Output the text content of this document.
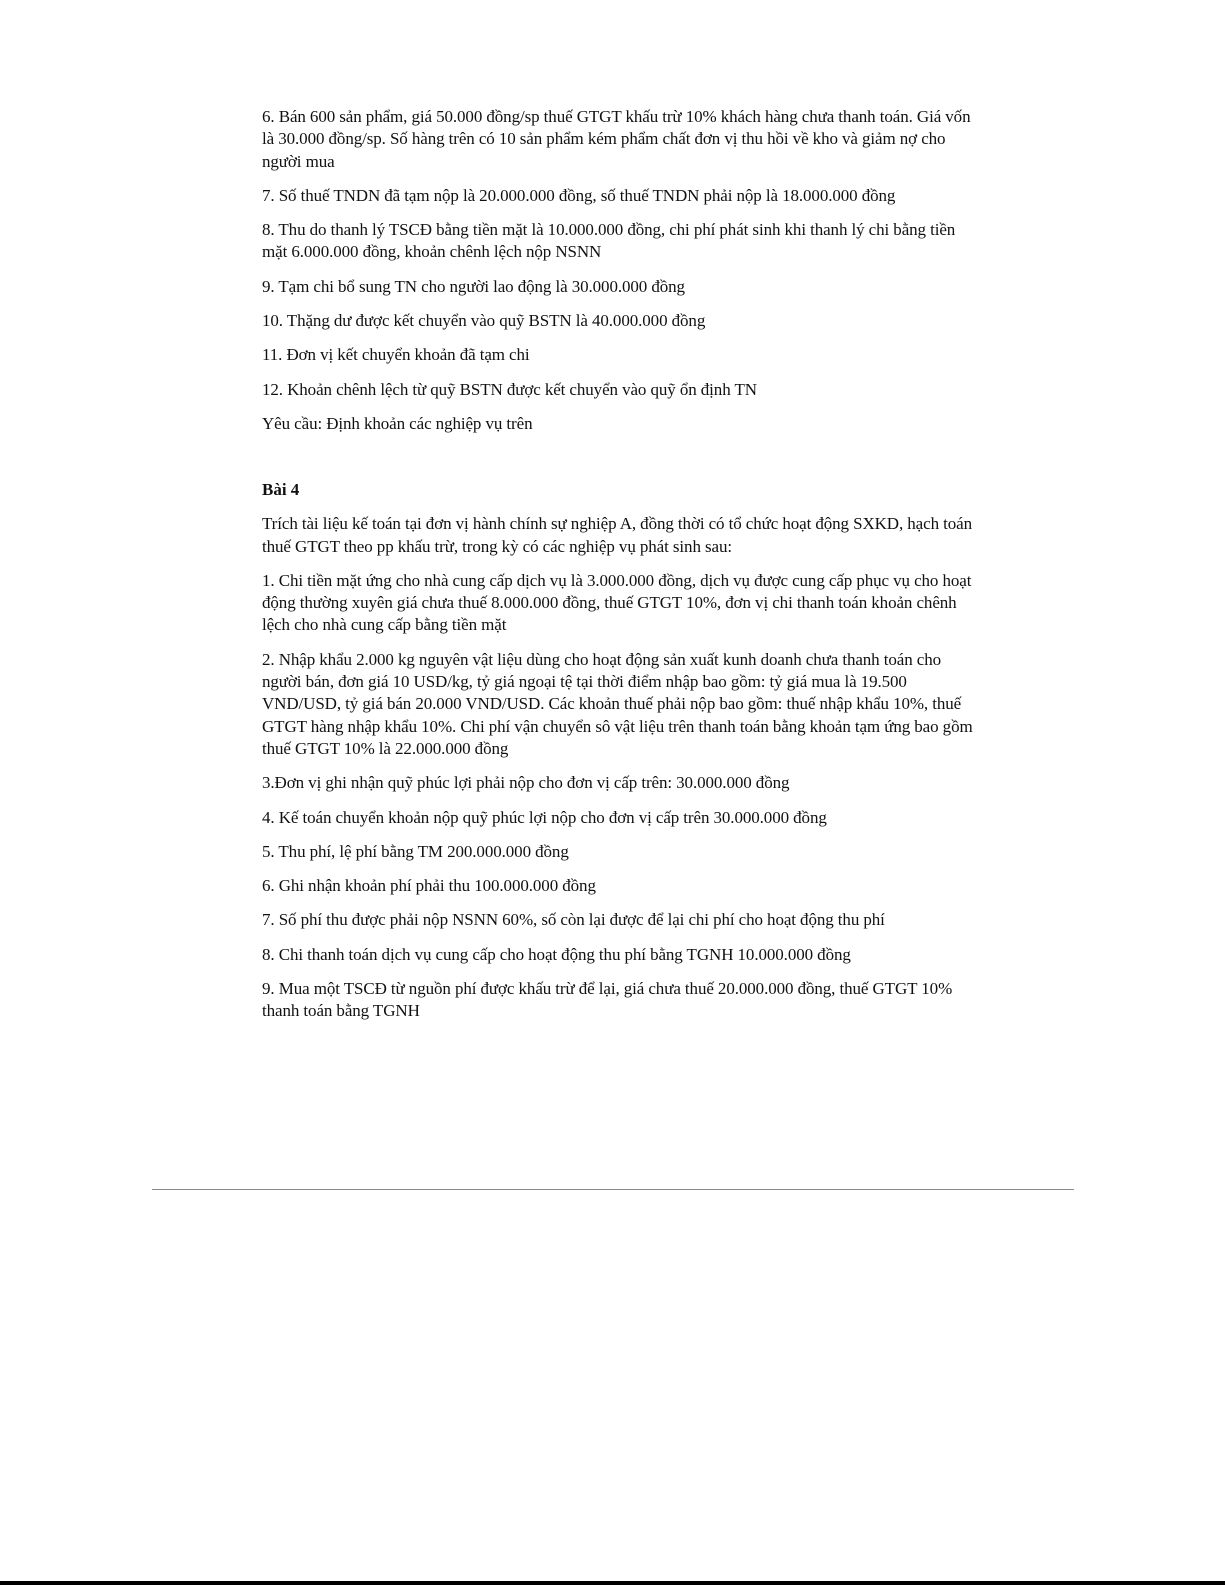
6. Bán 600 sản phẩm, giá 50.000 đồng/sp thuế GTGT khấu trừ 10% khách hàng chưa thanh toán. Giá vốn là 30.000 đồng/sp. Số hàng trên có 10 sản phẩm kém phẩm chất đơn vị thu hồi về kho và giảm nợ cho người mua

7. Số thuế TNDN đã tạm nộp là 20.000.000 đồng, số thuế TNDN phải nộp là 18.000.000 đồng

8. Thu do thanh lý TSCĐ bằng tiền mặt là 10.000.000 đồng, chi phí phát sinh khi thanh lý chi bằng tiền mặt 6.000.000 đồng, khoản chênh lệch nộp NSNN

9. Tạm chi bổ sung TN cho người lao động là 30.000.000 đồng

10. Thặng dư được kết chuyển vào quỹ BSTN là 40.000.000 đồng

11. Đơn vị kết chuyển khoản đã tạm chi

12. Khoản chênh lệch từ quỹ BSTN được kết chuyển vào quỹ ổn định TN

Yêu cầu: Định khoản các nghiệp vụ trên

Bài 4

Trích tài liệu kế toán tại đơn vị hành chính sự nghiệp A, đồng thời có tổ chức hoạt động SXKD, hạch toán thuế GTGT theo pp khấu trừ, trong kỳ có các nghiệp vụ phát sinh sau:

1. Chi tiền mặt ứng cho nhà cung cấp dịch vụ là 3.000.000 đồng, dịch vụ được cung cấp phục vụ cho hoạt động thường xuyên giá chưa thuế 8.000.000 đồng, thuế GTGT 10%, đơn vị chi thanh toán khoản chênh lệch cho nhà cung cấp bằng tiền mặt

2. Nhập khẩu 2.000 kg nguyên vật liệu dùng cho hoạt động sản xuất kunh doanh chưa thanh toán cho người bán, đơn giá 10 USD/kg, tỷ giá ngoại tệ tại thời điểm nhập bao gồm: tỷ giá mua là 19.500 VND/USD, tỷ giá bán 20.000 VND/USD. Các khoản thuế phải nộp bao gồm: thuế nhập khẩu 10%, thuế GTGT hàng nhập khẩu 10%. Chi phí vận chuyển sô vật liệu trên thanh toán bằng khoản tạm ứng bao gồm thuế GTGT 10% là 22.000.000 đồng

3.Đơn vị ghi nhận quỹ phúc lợi phải nộp cho đơn vị cấp trên: 30.000.000 đồng

4. Kế toán chuyển khoản nộp quỹ phúc lợi nộp cho đơn vị cấp trên 30.000.000 đồng

5. Thu phí, lệ phí bằng TM 200.000.000 đồng

6. Ghi nhận khoản phí phải thu 100.000.000 đồng

7. Số phí thu được phải nộp NSNN 60%, số còn lại được để lại chi phí cho hoạt động thu phí

8. Chi thanh toán dịch vụ cung cấp cho hoạt động thu phí bằng TGNH 10.000.000 đồng

9. Mua một TSCĐ từ nguồn phí được khấu trừ để lại, giá chưa thuế 20.000.000 đồng, thuế GTGT 10% thanh toán bằng TGNH
